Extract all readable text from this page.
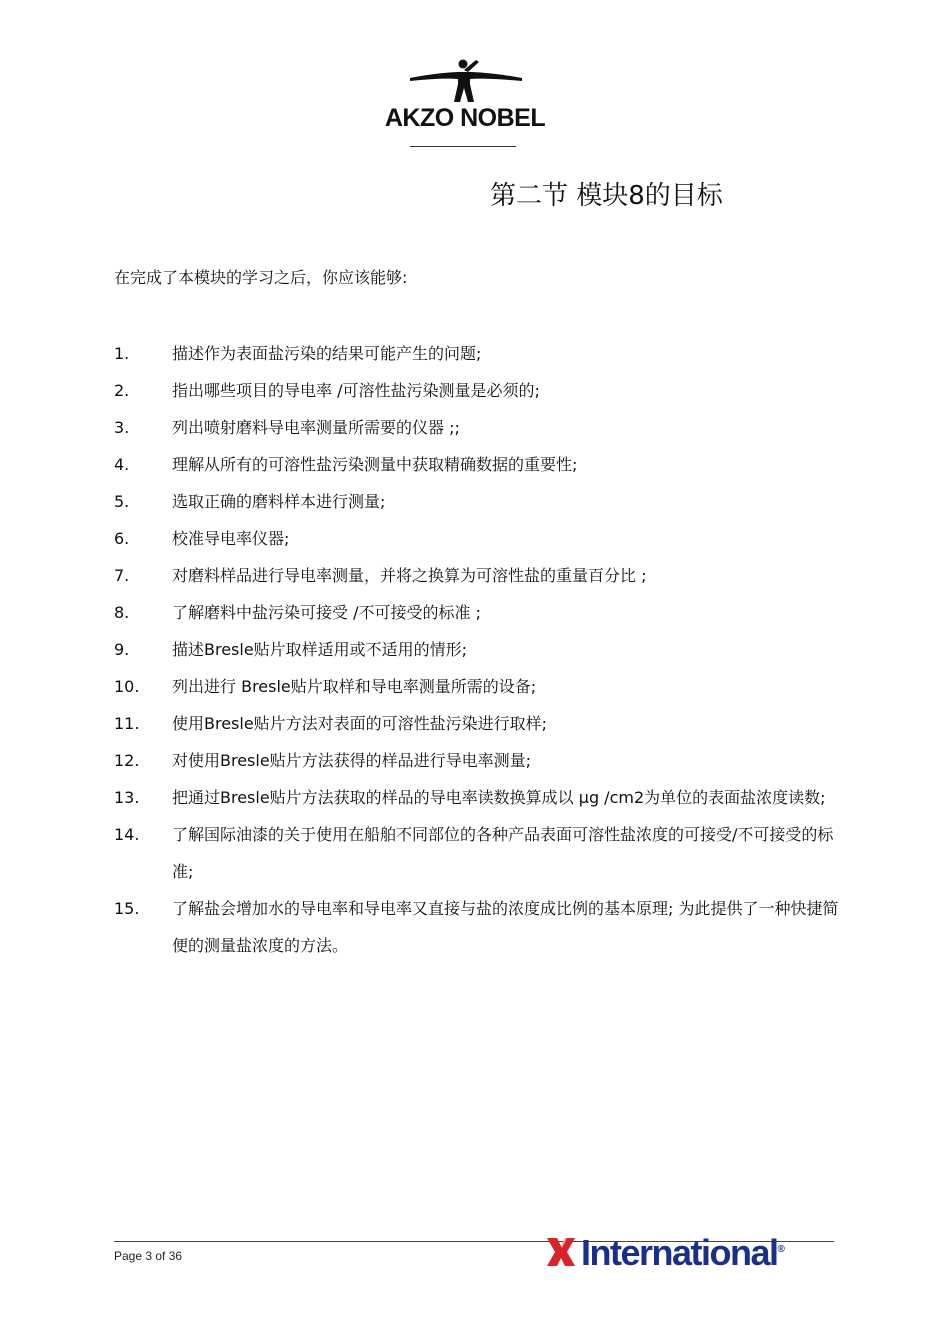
AKZO NOBEL
第二节 模块8的目标
在完成了本模块的学习之后，你应该能够:
1.	描述作为表面盐污染的结果可能产生的问题;
2.	指出哪些项目的导电率 /可溶性盐污染测量是必须的;
3.	列出喷射磨料导电率测量所需要的仪器 ;;
4.	理解从所有的可溶性盐污染测量中获取精确数据的重要性;
5.	选取正确的磨料样本进行测量;
6.	校准导电率仪器;
7.	对磨料样品进行导电率测量，并将之换算为可溶性盐的重量百分比 ;
8.	了解磨料中盐污染可接受 /不可接受的标准 ;
9.	描述Bresle贴片取样适用或不适用的情形;
10.	列出进行 Bresle贴片取样和导电率测量所需的设备;
11.	使用Bresle贴片方法对表面的可溶性盐污染进行取样;
12.	对使用Bresle贴片方法获得的样品进行导电率测量;
13.	把通过Bresle贴片方法获取的样品的导电率读数换算成以 μg /cm2为单位的表面盐浓度读数;
14.	了解国际油漆的关于使用在船舶不同部位的各种产品表面可溶性盐浓度的可接受/不可接受的标准;
15.	了解盐会增加水的导电率和导电率又直接与盐的浓度成比例的基本原理; 为此提供了一种快捷简便的测量盐浓度的方法。
Page 3 of 36	International®
